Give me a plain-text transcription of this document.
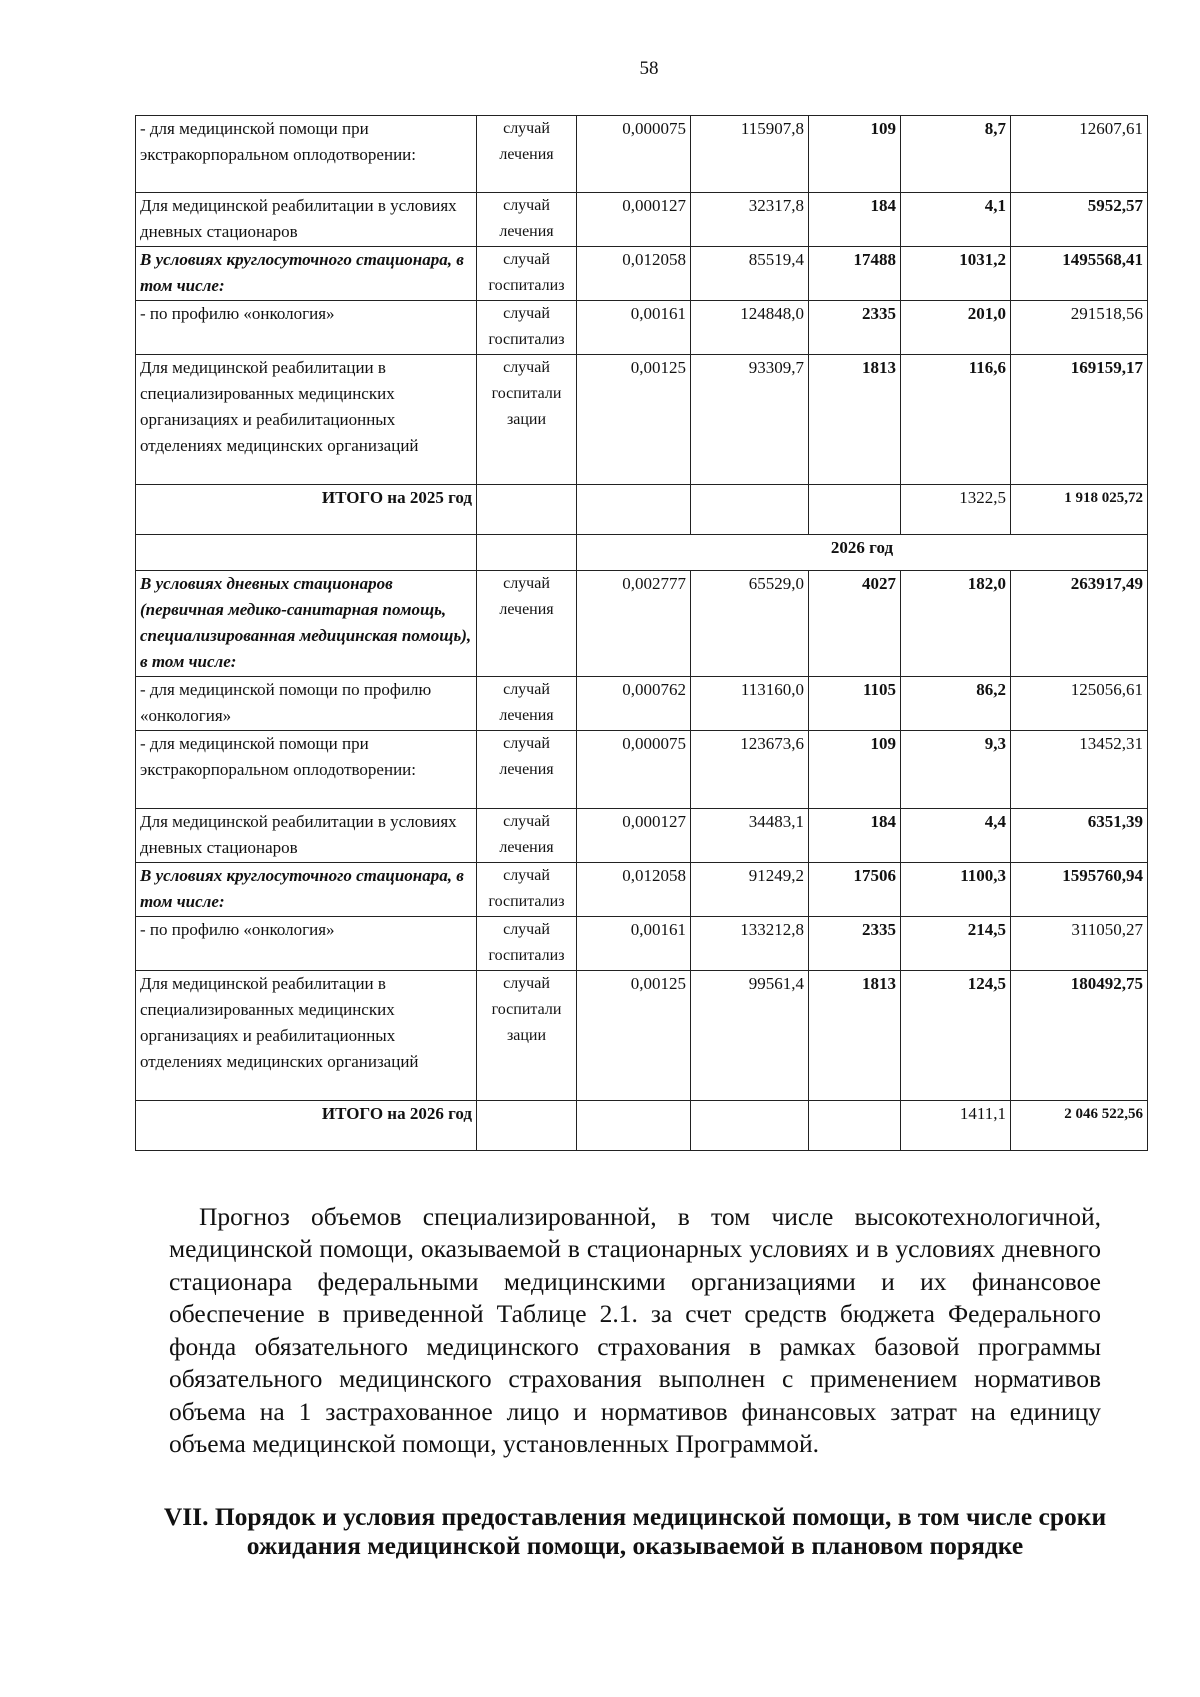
58
- для медицинской помощи при экстракорпоральном оплодотворении:	случай лечения	0,000075	115907,8	109	8,7	12607,61
Для медицинской реабилитации в условиях дневных стационаров	случай лечения	0,000127	32317,8	184	4,1	5952,57
В условиях круглосуточного стационара, в том числе:	случай госпитализ	0,012058	85519,4	17488	1031,2	1495568,41
- по профилю «онкология»	случай госпитализ	0,00161	124848,0	2335	201,0	291518,56
Для медицинской реабилитации в специализированных медицинских организациях и реабилитационных отделениях медицинских организаций	случай госпитали зации	0,00125	93309,7	1813	116,6	169159,17
ИТОГО на 2025 год					1322,5	1 918 025,72
		2026 год				
В условиях дневных стационаров (первичная медико-санитарная помощь, специализированная медицинская помощь), в том числе:	случай лечения	0,002777	65529,0	4027	182,0	263917,49
- для медицинской помощи по профилю «онкология»	случай лечения	0,000762	113160,0	1105	86,2	125056,61
- для медицинской помощи при экстракорпоральном оплодотворении:	случай лечения	0,000075	123673,6	109	9,3	13452,31
Для медицинской реабилитации в условиях дневных стационаров	случай лечения	0,000127	34483,1	184	4,4	6351,39
В условиях круглосуточного стационара, в том числе:	случай госпитализ	0,012058	91249,2	17506	1100,3	1595760,94
- по профилю «онкология»	случай госпитализ	0,00161	133212,8	2335	214,5	311050,27
Для медицинской реабилитации в специализированных медицинских организациях и реабилитационных отделениях медицинских организаций	случай госпитали зации	0,00125	99561,4	1813	124,5	180492,75
ИТОГО на 2026 год					1411,1	2 046 522,56

Прогноз объемов специализированной, в том числе высокотехнологичной, медицинской помощи, оказываемой в стационарных условиях и в условиях дневного стационара федеральными медицинскими организациями и их финансовое обеспечение в приведенной Таблице 2.1. за счет средств бюджета Федерального фонда обязательного медицинского страхования в рамках базовой программы обязательного медицинского страхования выполнен с применением нормативов объема на 1 застрахованное лицо и нормативов финансовых затрат на единицу объема медицинской помощи, установленных Программой.

VII. Порядок и условия предоставления медицинской помощи, в том числе сроки ожидания медицинской помощи, оказываемой в плановом порядке
